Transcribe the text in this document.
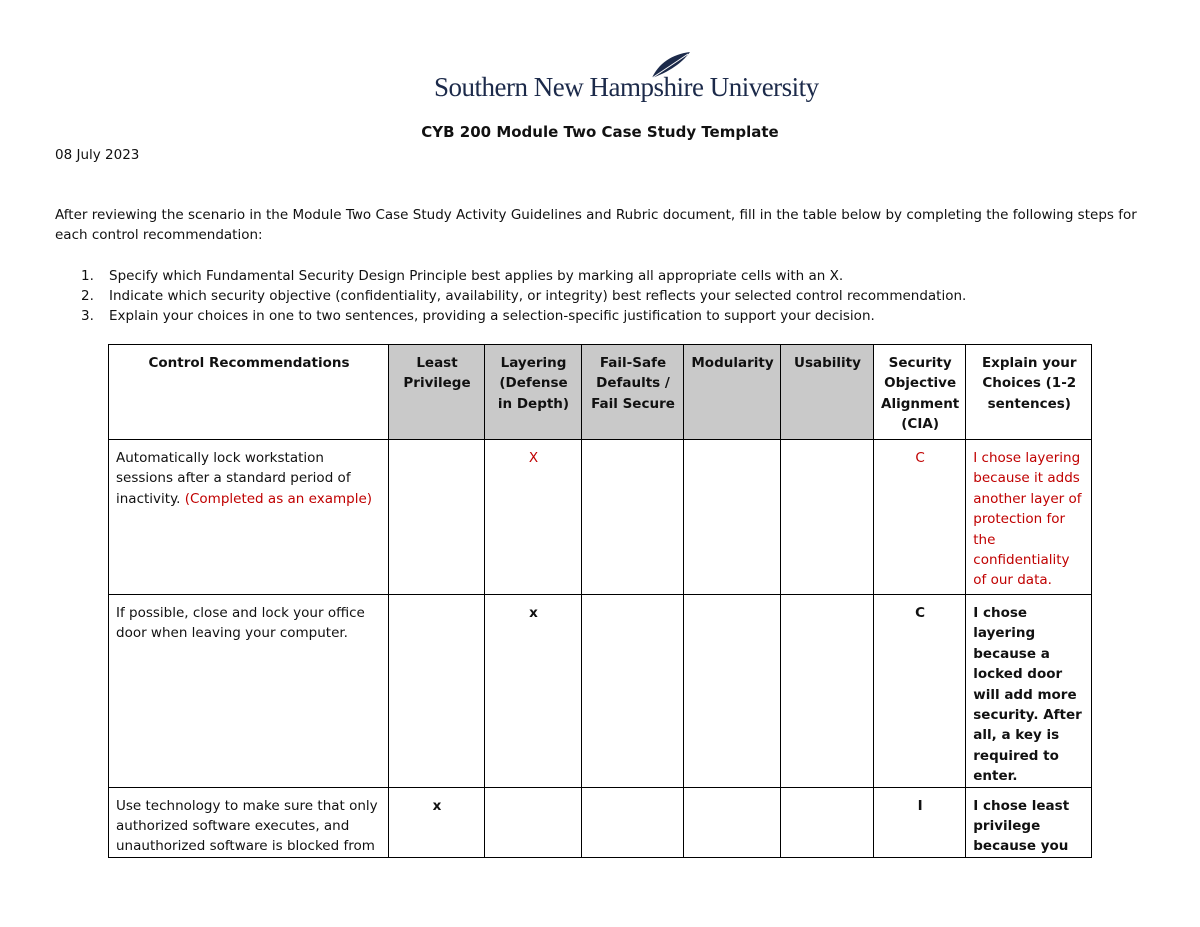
Southern New Hampshire University
CYB 200 Module Two Case Study Template
08 July 2023
After reviewing the scenario in the Module Two Case Study Activity Guidelines and Rubric document, fill in the table below by completing the following steps for each control recommendation:
1. Specify which Fundamental Security Design Principle best applies by marking all appropriate cells with an X.
2. Indicate which security objective (confidentiality, availability, or integrity) best reflects your selected control recommendation.
3. Explain your choices in one to two sentences, providing a selection-specific justification to support your decision.
Control Recommendations	Least Privilege	Layering (Defense in Depth)	Fail-Safe Defaults / Fail Secure	Modularity	Usability	Security Objective Alignment (CIA)	Explain your Choices (1-2 sentences)
Automatically lock workstation sessions after a standard period of inactivity. (Completed as an example)		X				C	I chose layering because it adds another layer of protection for the confidentiality of our data.
If possible, close and lock your office door when leaving your computer.		x				C	I chose layering because a locked door will add more security. After all, a key is required to enter.
Use technology to make sure that only authorized software executes, and unauthorized software is blocked from	x					I	I chose least privilege because you
